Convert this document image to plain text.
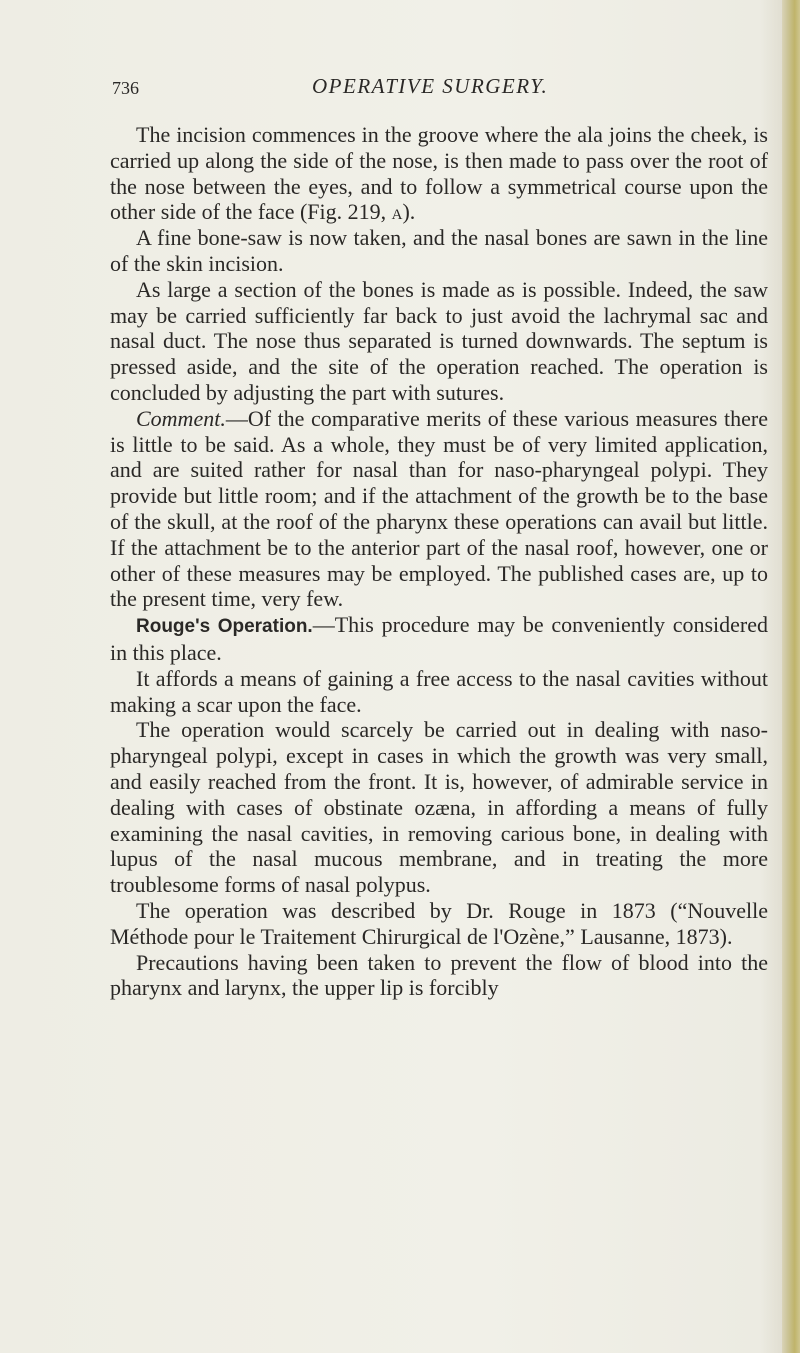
736	OPERATIVE SURGERY.

The incision commences in the groove where the ala joins the cheek, is carried up along the side of the nose, is then made to pass over the root of the nose between the eyes, and to follow a symmetrical course upon the other side of the face (Fig. 219, a).

A fine bone-saw is now taken, and the nasal bones are sawn in the line of the skin incision.

As large a section of the bones is made as is possible. Indeed, the saw may be carried sufficiently far back to just avoid the lachrymal sac and nasal duct. The nose thus separated is turned downwards. The septum is pressed aside, and the site of the operation reached. The operation is concluded by adjusting the part with sutures.

Comment.—Of the comparative merits of these various measures there is little to be said. As a whole, they must be of very limited application, and are suited rather for nasal than for naso-pharyngeal polypi. They provide but little room; and if the attachment of the growth be to the base of the skull, at the roof of the pharynx these operations can avail but little. If the attachment be to the anterior part of the nasal roof, however, one or other of these measures may be employed. The published cases are, up to the present time, very few.

Rouge's Operation.—This procedure may be conveniently considered in this place.

It affords a means of gaining a free access to the nasal cavities without making a scar upon the face.

The operation would scarcely be carried out in dealing with naso-pharyngeal polypi, except in cases in which the growth was very small, and easily reached from the front. It is, however, of admirable service in dealing with cases of obstinate ozæna, in affording a means of fully examining the nasal cavities, in removing carious bone, in dealing with lupus of the nasal mucous membrane, and in treating the more troublesome forms of nasal polypus.

The operation was described by Dr. Rouge in 1873 (“Nouvelle Méthode pour le Traitement Chirurgical de l'Ozène,” Lausanne, 1873).

Precautions having been taken to prevent the flow of blood into the pharynx and larynx, the upper lip is forcibly
